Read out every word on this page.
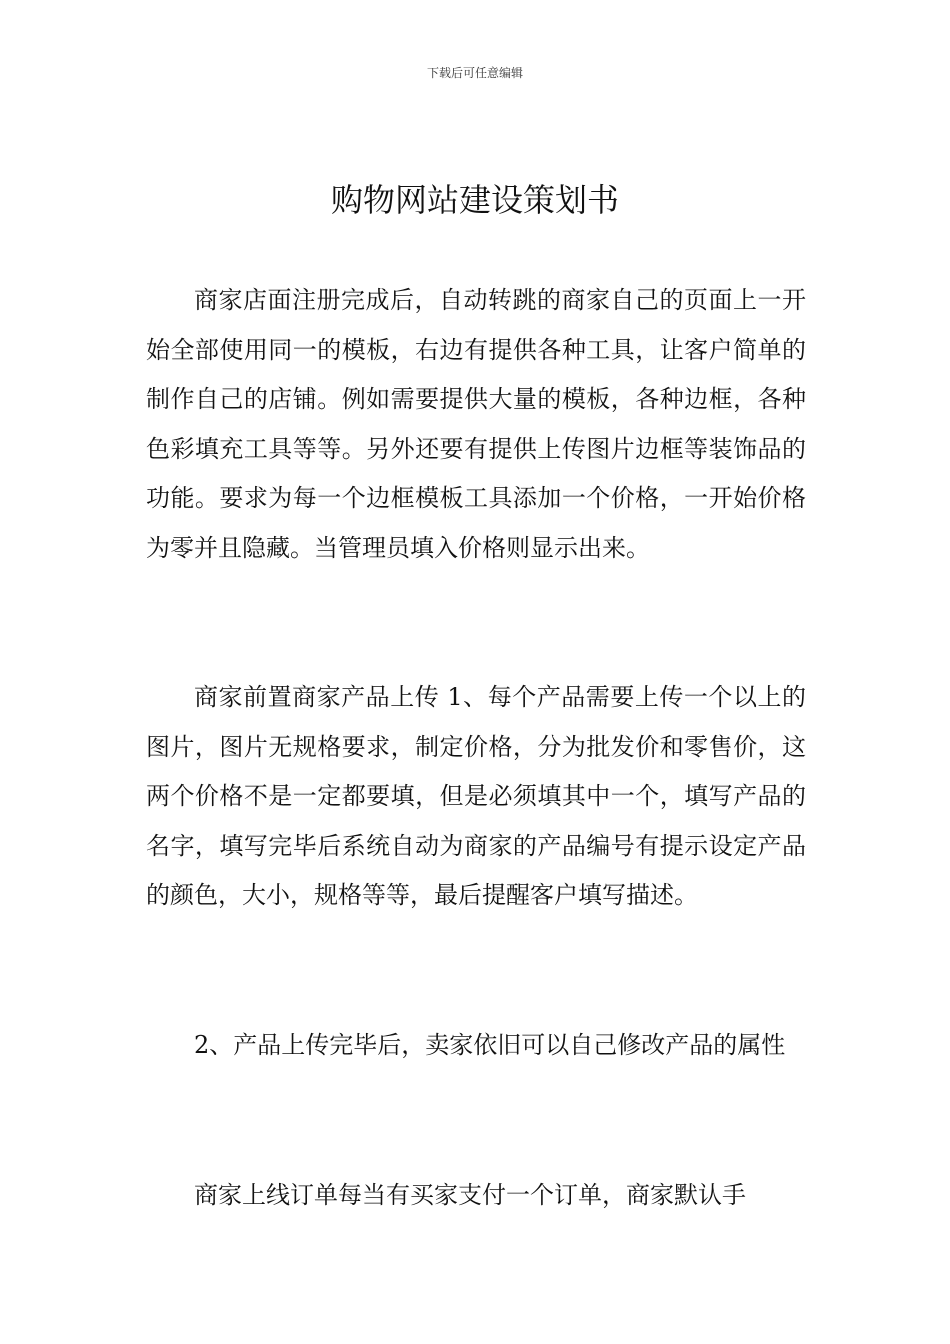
下载后可任意编辑
购物网站建设策划书

商家店面注册完成后，自动转跳的商家自己的页面上一开始全部使用同一的模板，右边有提供各种工具，让客户简单的制作自己的店铺。例如需要提供大量的模板，各种边框，各种色彩填充工具等等。另外还要有提供上传图片边框等装饰品的功能。要求为每一个边框模板工具添加一个价格，一开始价格为零并且隐藏。当管理员填入价格则显示出来。

商家前置商家产品上传 1、每个产品需要上传一个以上的图片，图片无规格要求，制定价格，分为批发价和零售价，这两个价格不是一定都要填，但是必须填其中一个，填写产品的名字，填写完毕后系统自动为商家的产品编号有提示设定产品的颜色，大小，规格等等，最后提醒客户填写描述。

2、产品上传完毕后，卖家依旧可以自己修改产品的属性

商家上线订单每当有买家支付一个订单，商家默认手
